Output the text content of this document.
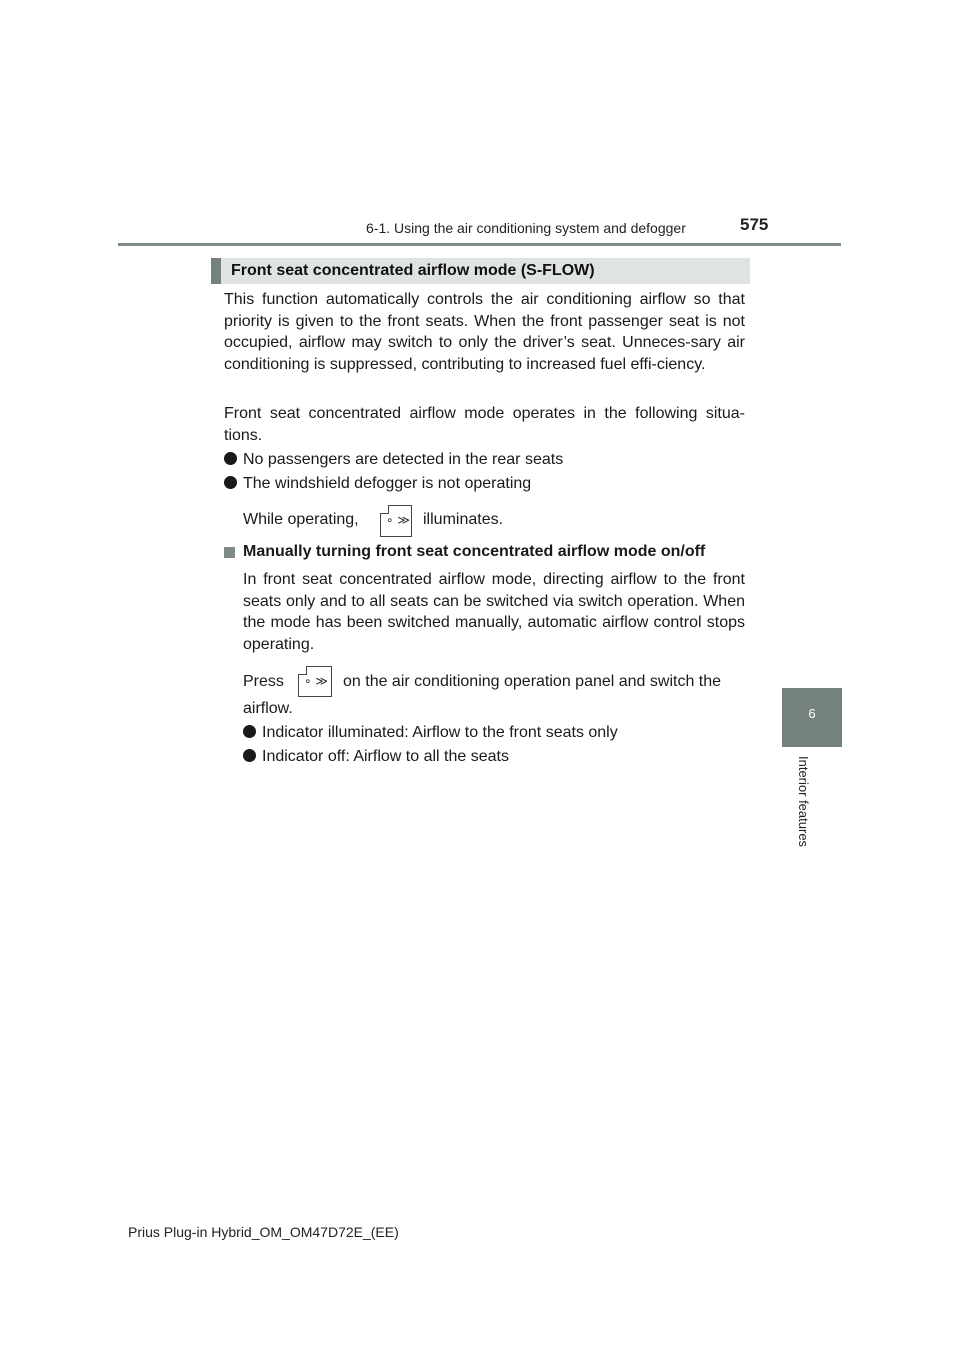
6-1. Using the air conditioning system and defogger	575
6
Interior features
Front seat concentrated airflow mode (S-FLOW)

This function automatically controls the air conditioning airflow so that priority is given to the front seats. When the front passenger seat is not occupied, airflow may switch to only the driver’s seat. Unneces-sary air conditioning is suppressed, contributing to increased fuel effi-ciency.

Front seat concentrated airflow mode operates in the following situa-tions.

No passengers are detected in the rear seats
The windshield defogger is not operating
While operating, ∘ ≫ illuminates.
Manually turning front seat concentrated airflow mode on/off

In front seat concentrated airflow mode, directing airflow to the front seats only and to all seats can be switched via switch operation. When the mode has been switched manually, automatic airflow control stops operating.

Press ∘ ≫ on the air conditioning operation panel and switch the
airflow.
Indicator illuminated: Airflow to the front seats only
Indicator off: Airflow to all the seats
Prius Plug-in Hybrid_OM_OM47D72E_(EE)
